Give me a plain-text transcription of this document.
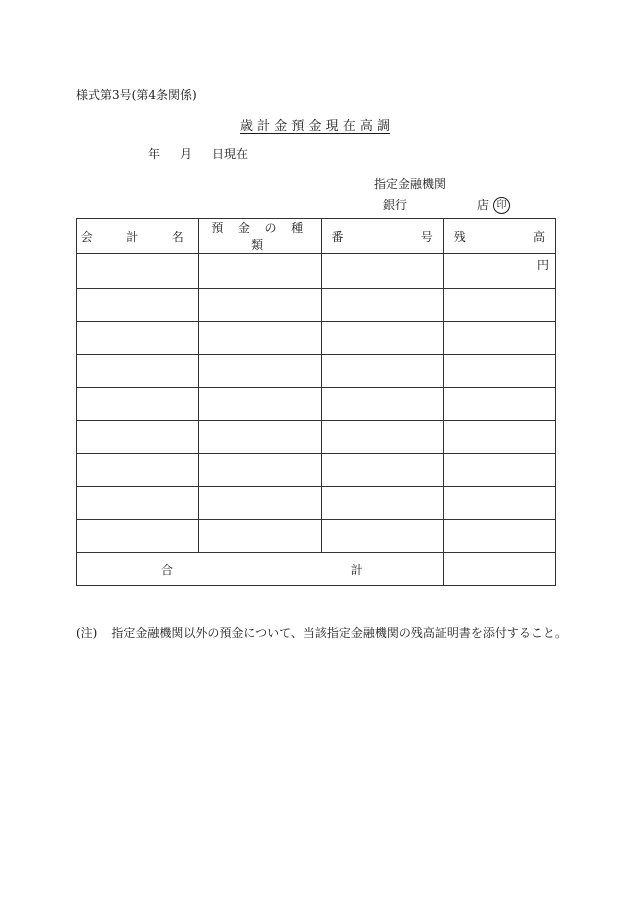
様式第3号(第4条関係)
歳 計 金 預 金 現 在 高 調
年 月 日現在
指定金融機関
銀行	店 印
会　計　名	預 金 の 種 類	番 号	残 高

			円

合 計			

(注) 指定金融機関以外の預金について、当該指定金融機関の残高証明書を添付すること。
